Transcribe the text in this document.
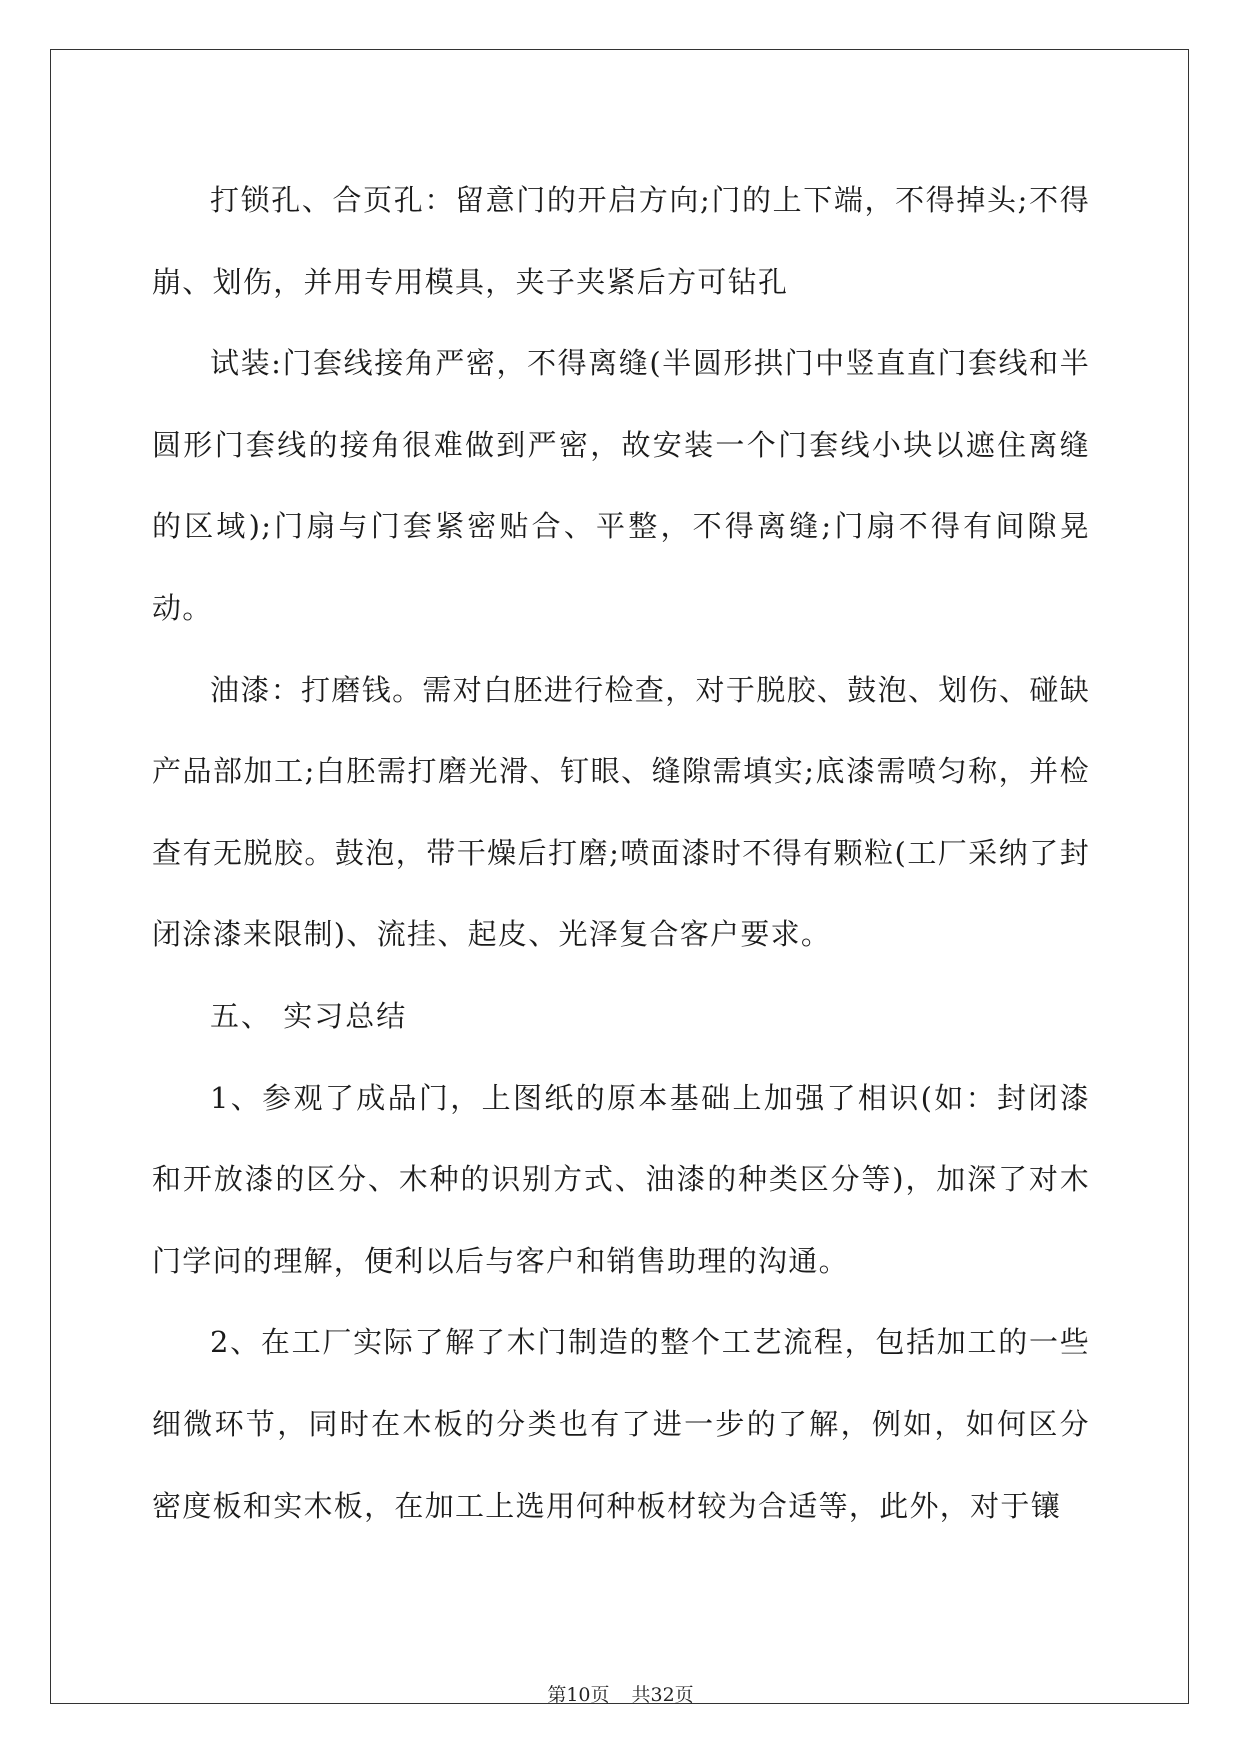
打锁孔、合页孔：留意门的开启方向;门的上下端，不得掉头;不得崩、划伤，并用专用模具，夹子夹紧后方可钻孔

试装:门套线接角严密，不得离缝(半圆形拱门中竖直直门套线和半圆形门套线的接角很难做到严密，故安装一个门套线小块以遮住离缝的区域);门扇与门套紧密贴合、平整，不得离缝;门扇不得有间隙晃动。

油漆：打磨钱。需对白胚进行检查，对于脱胶、鼓泡、划伤、碰缺产品部加工;白胚需打磨光滑、钉眼、缝隙需填实;底漆需喷匀称，并检查有无脱胶。鼓泡，带干燥后打磨;喷面漆时不得有颗粒(工厂采纳了封闭涂漆来限制)、流挂、起皮、光泽复合客户要求。

五、 实习总结

1、参观了成品门，上图纸的原本基础上加强了相识(如：封闭漆和开放漆的区分、木种的识别方式、油漆的种类区分等)，加深了对木门学问的理解，便利以后与客户和销售助理的沟通。

2、在工厂实际了解了木门制造的整个工艺流程，包括加工的一些细微环节，同时在木板的分类也有了进一步的了解，例如，如何区分密度板和实木板，在加工上选用何种板材较为合适等，此外，对于镶

第10页 共32页
